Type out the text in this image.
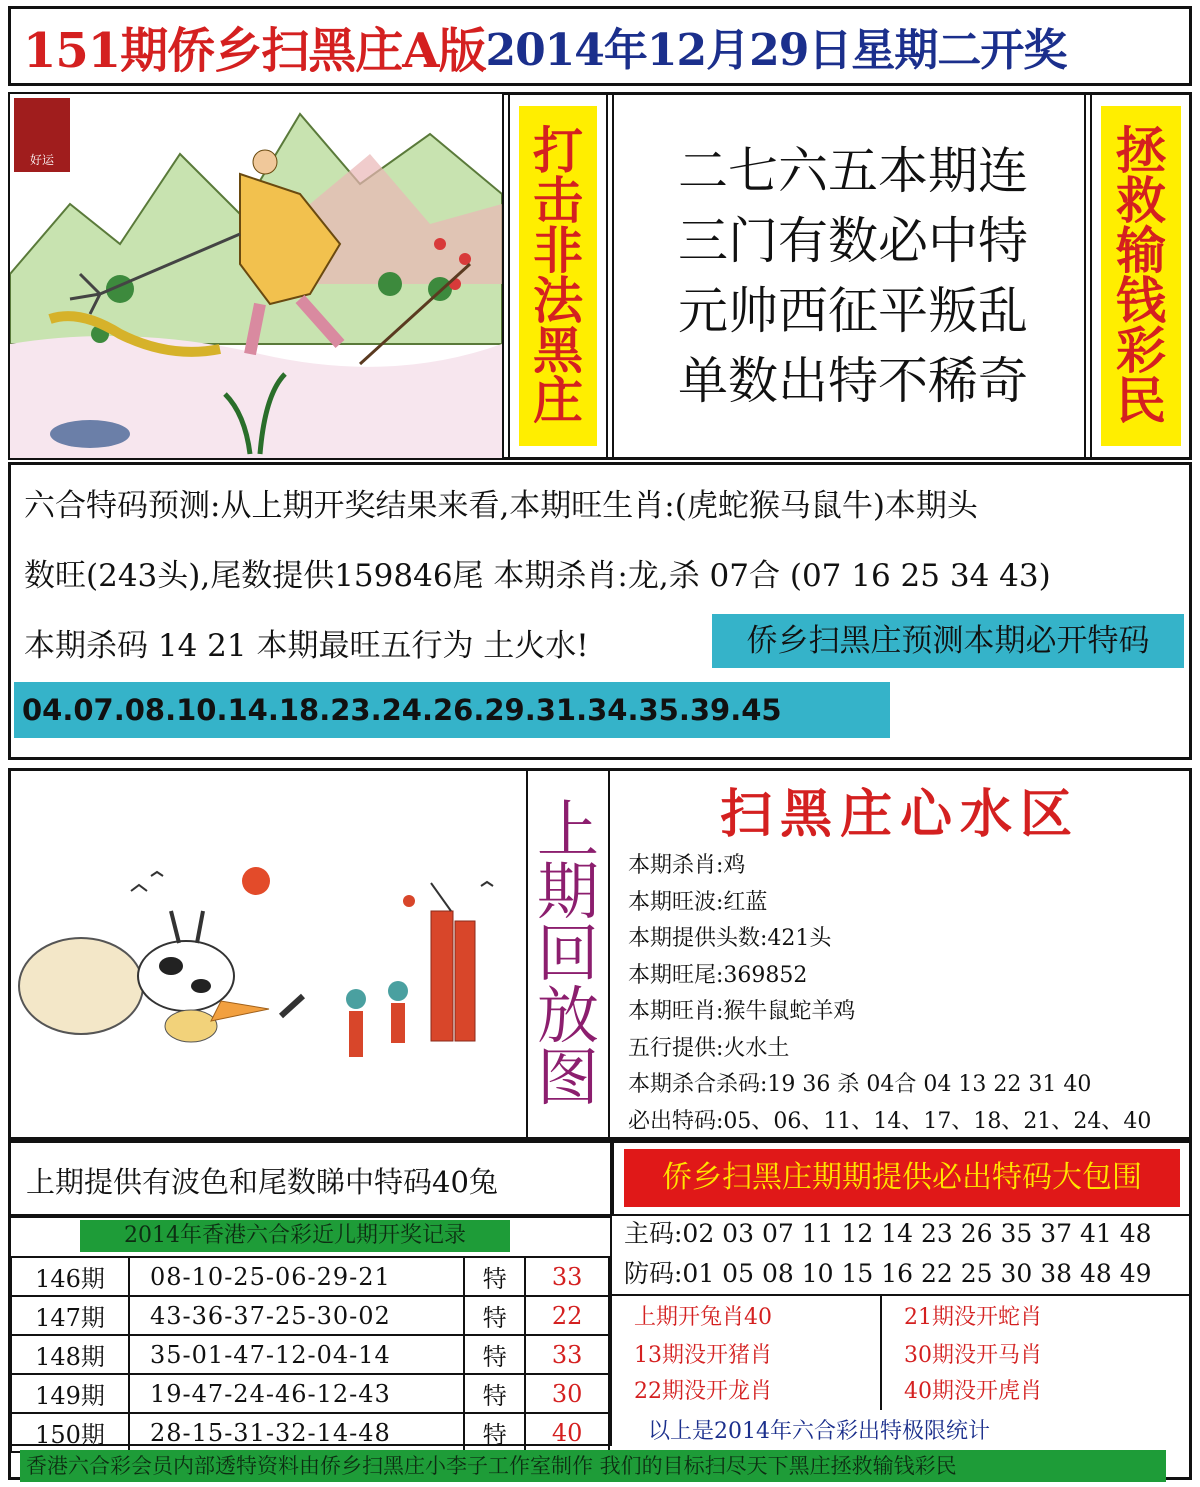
151期侨乡扫黑庄A版 2014年12月29日星期二开奖
好运	打
击
非
法
黑
庄
二七六五本期连
三门有数必中特
元帅西征平叛乱
单数出特不稀奇
拯
救
输
钱
彩
民
六合特码预测:从上期开奖结果来看,本期旺生肖:(虎蛇猴马鼠牛)本期头
数旺(243头),尾数提供159846尾 本期杀肖:龙,杀 07合 (07 16 25 34 43)
本期杀码 14 21 本期最旺五行为 土火水!	侨乡扫黑庄预测本期必开特码
04.07.08.10.14.18.23.24.26.29.31.34.35.39.45
上
期
回
放
图
扫黑庄心水区
本期杀肖:鸡
本期旺波:红蓝
本期提供头数:421头
本期旺尾:369852
本期旺肖:猴牛鼠蛇羊鸡
五行提供:火水土
本期杀合杀码:19 36 杀 04合 04 13 22 31 40
必出特码:05、06、11、14、17、18、21、24、40
上期提供有波色和尾数睇中特码40兔	侨乡扫黑庄期期提供必出特码大包围
2014年香港六合彩近儿期开奖记录
146期	08-10-25-06-29-21	特	33
147期	43-36-37-25-30-02	特	22
148期	35-01-47-12-04-14	特	33
149期	19-47-24-46-12-43	特	30
150期	28-15-31-32-14-48	特	40
主码:02 03 07 11 12 14 23 26 35 37 41 48
防码:01 05 08 10 15 16 22 25 30 38 48 49
上期开兔肖40	21期没开蛇肖
13期没开猪肖	30期没开马肖
22期没开龙肖	40期没开虎肖
以上是2014年六合彩出特极限统计
香港六合彩会员内部透特资料由侨乡扫黑庄小李子工作室制作 我们的目标扫尽天下黑庄拯救输钱彩民
